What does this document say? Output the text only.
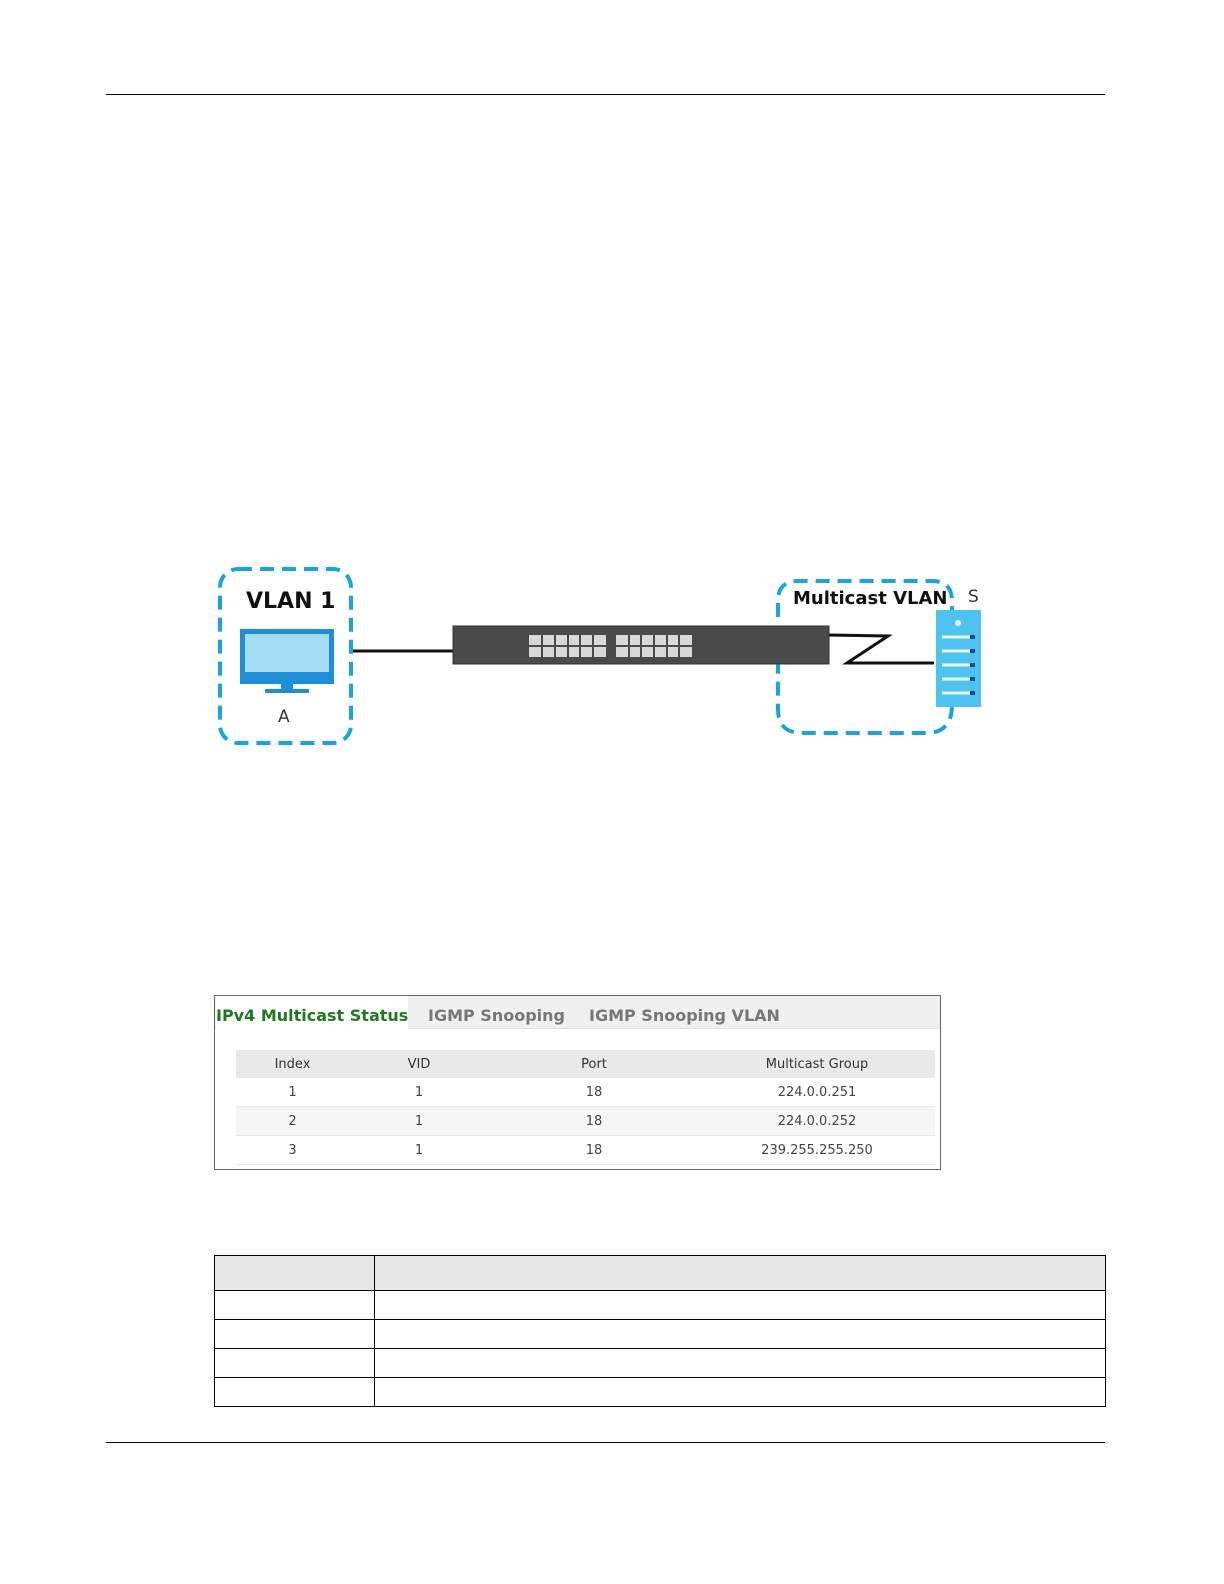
VLAN 1
A
Multicast VLAN S
IPv4 Multicast Status IGMP Snooping IGMP Snooping VLAN
Index	VID	Port	Multicast Group
1	1	18	224.0.0.251
2	1	18	224.0.0.252
3	1	18	239.255.255.250
